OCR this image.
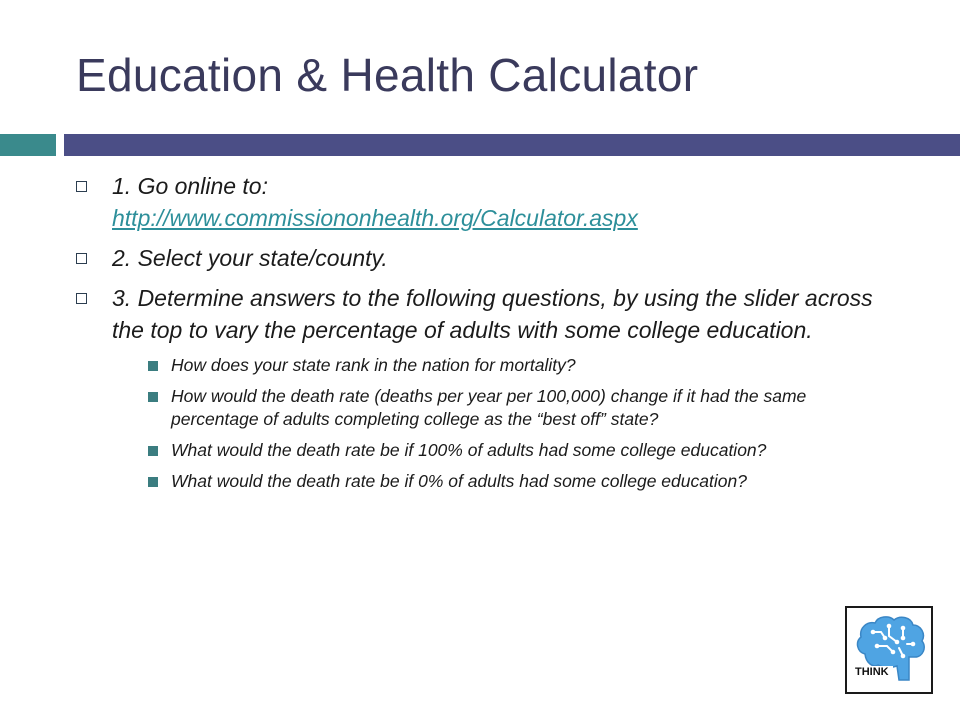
Education & Health Calculator
1. Go online to:
http://www.commissiononhealth.org/Calculator.aspx
2. Select your state/county.
3. Determine answers to the following questions, by using the slider across the top to vary the percentage of adults with some college education.
How does your state rank in the nation for mortality?
How would the death rate (deaths per year per 100,000) change if it had the same percentage of adults completing college as the “best off” state?
What would the death rate be if 100% of adults had some college education?
What would the death rate be if 0% of adults had some college education?
THINK
